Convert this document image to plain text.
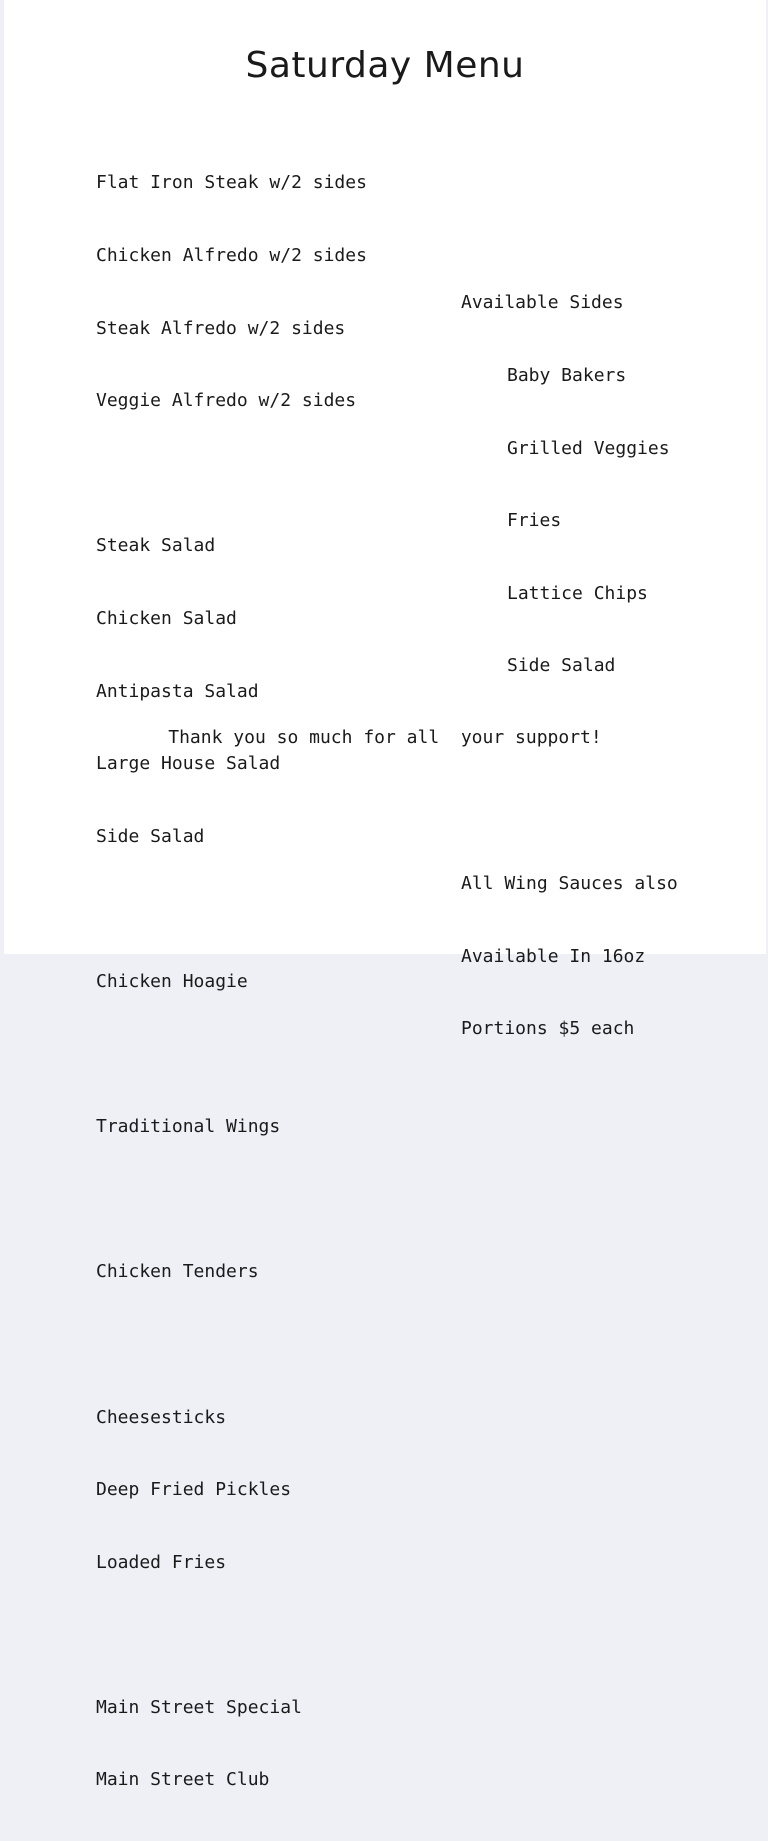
Saturday Menu

Flat Iron Steak w/2 sides

Chicken Alfredo w/2 sides

Steak Alfredo w/2 sides

Veggie Alfredo w/2 sides

Steak Salad

Chicken Salad

Antipasta Salad

Large House Salad

Side Salad

Chicken Hoagie

Traditional Wings

Chicken Tenders

Cheesesticks

Deep Fried Pickles

Loaded Fries

Main Street Special

Main Street Club

Available Sides

Baby Bakers

Grilled Veggies

Fries

Lattice Chips

Side Salad

All Wing Sauces also

Available In 16oz

Portions $5 each

Thank you so much for all  your support!
